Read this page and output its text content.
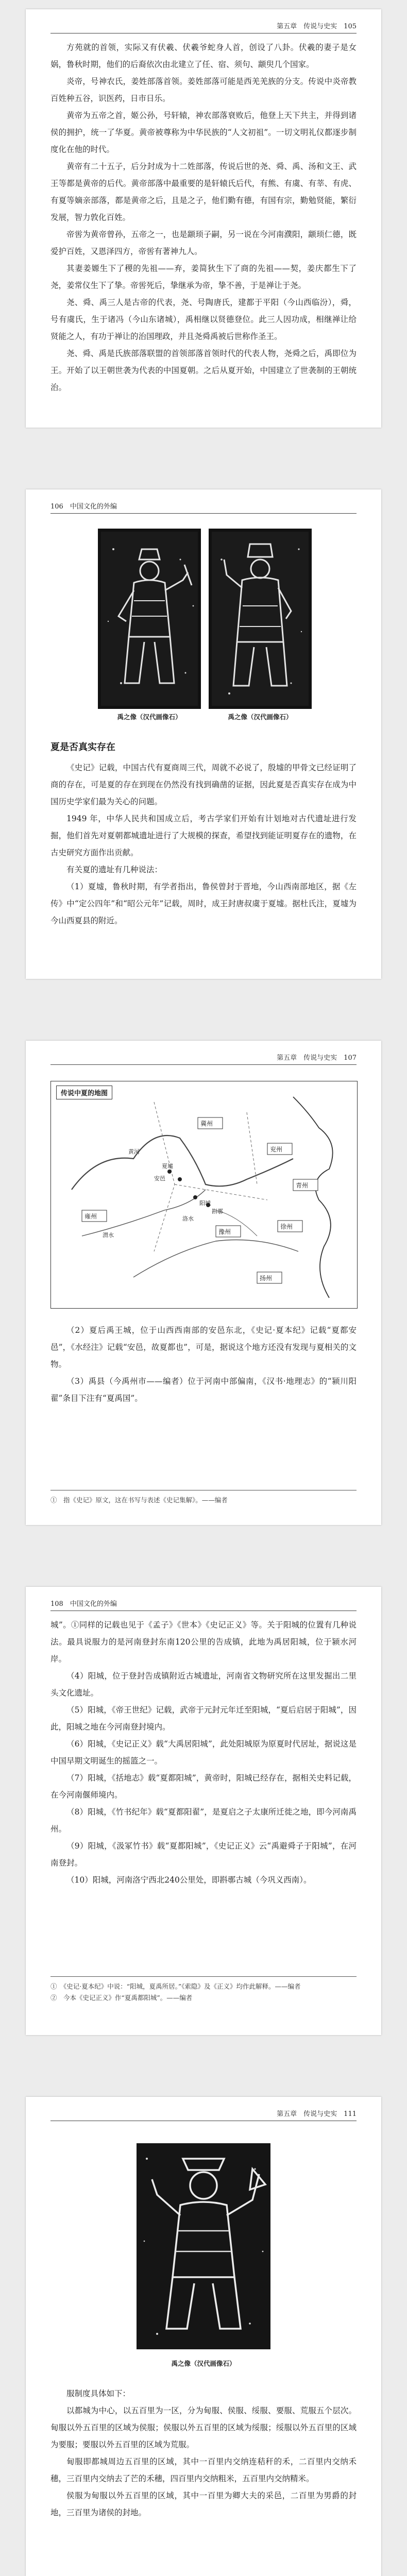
第五章　传说与史实　105

方苑就的首领，实际又有伏羲、伏羲爷蛇身人首，创设了八卦。伏羲的妻子是女娲，鲁秋时期，他们的后裔依次由北建立了任、宿、须句、颛臾几个国家。

炎帝，号神农氏，姜姓部落首领。姜姓部落可能是西羌羌族的分支。传说中炎帝教百姓种五谷，识医药，日市日乐。

黄帝为五帝之首，姬公孙，号轩辕，神农部落衰败后，他登上天下共主，并得到诸侯的拥护，统一了华夏。黄帝被尊称为中华民族的“人文初祖”。一切文明礼仪都逐步制度化在他的时代。

黄帝有二十五子，后分封成为十二姓部落，传说后世的尧、舜、禹、汤和文王、武王等都是黄帝的后代。黄帝部落中最重要的是轩辕氏后代，有熊、有虞、有莘、有虎、有夏等嫡亲部落，都是黄帝之后，且是之子，他们勤有德，有国有宗，勤勉贤能，繁衍发展，智力敦化百姓。

帝喾为黄帝曾孙，五帝之一，也是颛顼子嗣，另一说在今河南濮阳，颛顼仁德，既爱护百姓，又恩泽四方，帝喾有著神九人。

其妻姜嫄生下了稷的先祖——弃，姜简狄生下了商的先祖——契，姜庆都生下了尧，姜常仪生下了挚。帝喾死后，挚继承为帝，挚不善，于是禅让于尧。

尧、舜、禹三人是古帝的代表，尧、号陶唐氏，建都于平阳（今山西临汾），舜，号有虞氏，生于诸冯（今山东诸城），禹相继以贤德登位。此三人因功成，相继禅让给贤能之人，有功于禅让的治国理政，并且尧舜禹被后世称作圣王。

尧、舜、禹是氏族部落联盟的首领部落首领时代的代表人物，尧舜之后，禹即位为王。开始了以王朝世袭为代表的中国夏朝。之后从夏开始，中国建立了世袭制的王朝统治。

106　中国文化的外编
禹之像（汉代画像石）	禹之像（汉代画像石）
夏是否真实存在

《史记》记载，中国古代有夏商周三代，周就不必说了，殷墟的甲骨文已经证明了商的存在，可是夏的存在到现在仍然没有找到确凿的证据，因此夏是否真实存在成为中国历史学家们最为关心的问题。

1949 年，中华人民共和国成立后，考古学家们开始有计划地对古代遗址进行发掘，他们首先对夏朝都城遗址进行了大规模的探查，希望找到能证明夏存在的遗物，在古史研究方面作出贡献。

有关夏的遗址有几种说法：

（1）夏墟，鲁秋时期，有学者指出，鲁侯曾封于晋地，今山西南部地区，据《左传》中“定公四年”和“昭公元年”记载，周时，成王封唐叔虞于夏墟。据杜氏注，夏墟为今山西夏县的附近。

第五章　传说与史实　107
传说中夏的地图
冀州
兖州
青州
豫州
雍州
徐州
扬州
阳城
安邑
斟鄩
黄河
洛水
渭水
夏墟

（2）夏后禹王城，位于山西西南部的安邑东北，《史记·夏本纪》记载“夏都安邑”，《水经注》记载“安邑，故夏都也”，可是，据说这个地方还没有发现与夏相关的文物。

（3）禹县（今禹州市——编者）位于河南中部偏南，《汉书·地理志》的“颍川阳翟”条目下注有“夏禹国”。

①　指《史记》原文，这在书写与表述《史记集解》。——编者

108　中国文化的外编

城”。①同样的记载也见于《孟子》《世本》《史记正义》等。关于阳城的位置有几种说法。最具说服力的是河南登封东南120公里的告成镇，此地为禹居阳城，位于颍水河岸。

（4）阳城，位于登封告成镇附近古城遗址，河南省文物研究所在这里发掘出二里头文化遗址。

（5）阳城，《帝王世纪》记载，武帝于元封元年迁至阳城，“夏后启居于阳城”，因此，阳城之地在今河南登封境内。

（6）阳城，《史记正义》载“大禹居阳城”，此处阳城原为原夏时代居址，据说这是中国早期文明诞生的摇篮之一。

（7）阳城，《括地志》载“夏都阳城”，黄帝时，阳城已经存在，据相关史料记载，在今河南偃师境内。

（8）阳城，《竹书纪年》载“夏都阳翟”，是夏启之子太康所迁徙之地，即今河南禹州。

（9）阳城，《汲冢竹书》载“夏都阳城”，《史记正义》云“禹避舜子于阳城”，在河南登封。

（10）阳城，河南洛宁西北240公里处，即斟鄩古城（今巩义西南）。

①　《史记·夏本纪》中说：“阳城，夏禹所居。”《索隐》及《正义》均作此解释。——编者

②　今本《史记正义》作“夏禹都阳城”。——编者

第五章　传说与史实　111
禹之像（汉代画像石）

服制度具体如下：

以都城为中心，以五百里为一区，分为甸服、侯服、绥服、要服、荒服五个层次。甸服以外五百里的区域为侯服；侯服以外五百里的区域为绥服；绥服以外五百里的区域为要服；要服以外五百里的区域为荒服。

甸服即都城周边五百里的区域，其中一百里内交纳连秸秆的禾，二百里内交纳禾穗，三百里内交纳去了芒的禾穗，四百里内交纳粗米，五百里内交纳精米。

侯服为甸服以外五百里的区域，其中一百里为卿大夫的采邑，二百里为男爵的封地，三百里为诸侯的封地。
